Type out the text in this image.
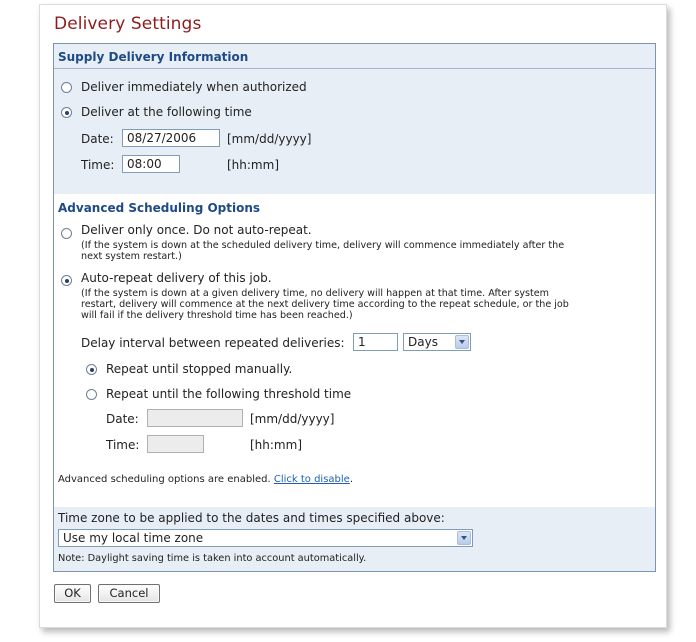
Delivery Settings
Supply Delivery Information
Deliver immediately when authorized
Deliver at the following time
Date:	08/27/2006	[mm/dd/yyyy]
Time:	08:00	[hh:mm]
Advanced Scheduling Options
Deliver only once. Do not auto-repeat.
(If the system is down at the scheduled delivery time, delivery will commence immediately after the
next system restart.)
Auto-repeat delivery of this job.
(If the system is down at a given delivery time, no delivery will happen at that time. After system
restart, delivery will commence at the next delivery time according to the repeat schedule, or the job
will fail if the delivery threshold time has been reached.)
Delay interval between repeated deliveries:	1	Days
Repeat until stopped manually.
Repeat until the following threshold time
Date:	[mm/dd/yyyy]
Time:	[hh:mm]
Advanced scheduling options are enabled. Click to disable.
Time zone to be applied to the dates and times specified above:
Use my local time zone
Note: Daylight saving time is taken into account automatically.
OK	Cancel
